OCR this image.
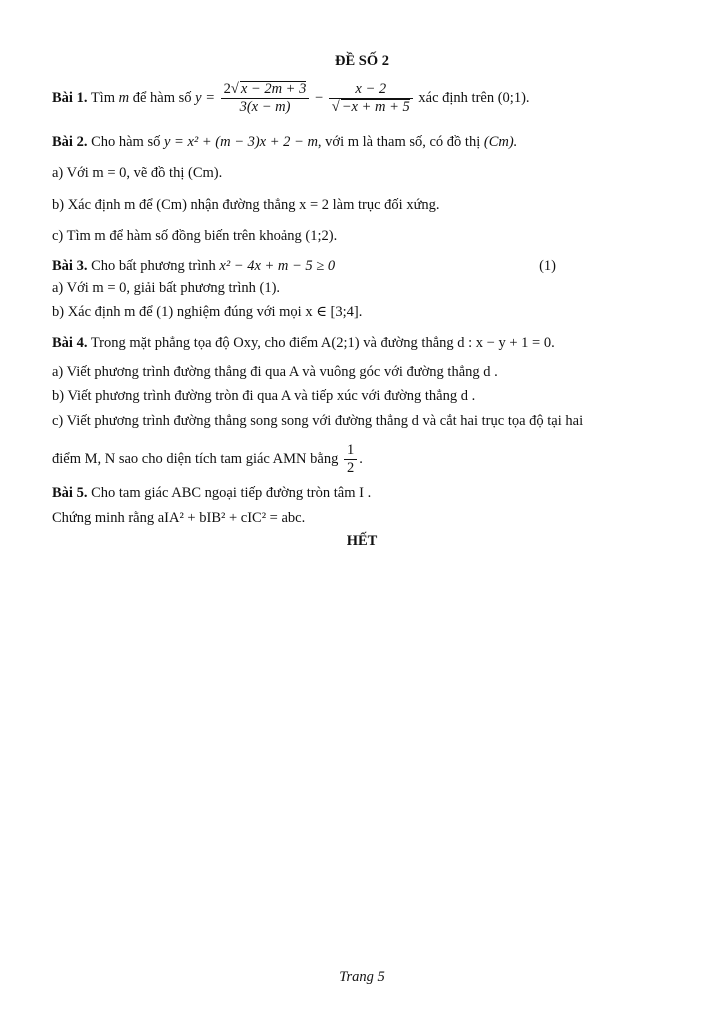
ĐỀ SỐ 2
Bài 1. Tìm m để hàm số $y = \frac{2√ x - 2m + 3}{3(x - m)} - \frac{x - 2}{√ -x + m + 5}$ xác định trên (0;1).
Bài 2. Cho hàm số y = x² + (m − 3)x + 2 − m, với m là tham số, có đồ thị (Cm).
a) Với m = 0, vẽ đồ thị (Cm).
b) Xác định m để (Cm) nhận đường thẳng x = 2 làm trục đối xứng.
c) Tìm m để hàm số đồng biến trên khoảng (1;2).
Bài 3. Cho bất phương trình x² − 4x + m − 5 ≥ 0	(1)
a) Với m = 0, giải bất phương trình (1).
b) Xác định m để (1) nghiệm đúng với mọi x ∈ [3;4].
Bài 4. Trong mặt phẳng tọa độ Oxy, cho điểm A(2;1) và đường thẳng d : x − y + 1 = 0.
a) Viết phương trình đường thẳng đi qua A và vuông góc với đường thẳng d .
b) Viết phương trình đường tròn đi qua A và tiếp xúc với đường thẳng d .
c) Viết phương trình đường thẳng song song với đường thẳng d và cắt hai trục tọa độ tại hai
điểm M, N sao cho diện tích tam giác AMN bằng $\frac{1}{2}$ .
Bài 5. Cho tam giác ABC ngoại tiếp đường tròn tâm I .
Chứng minh rằng aIA² + bIB² + cIC² = abc.
HẾT
Trang 5
